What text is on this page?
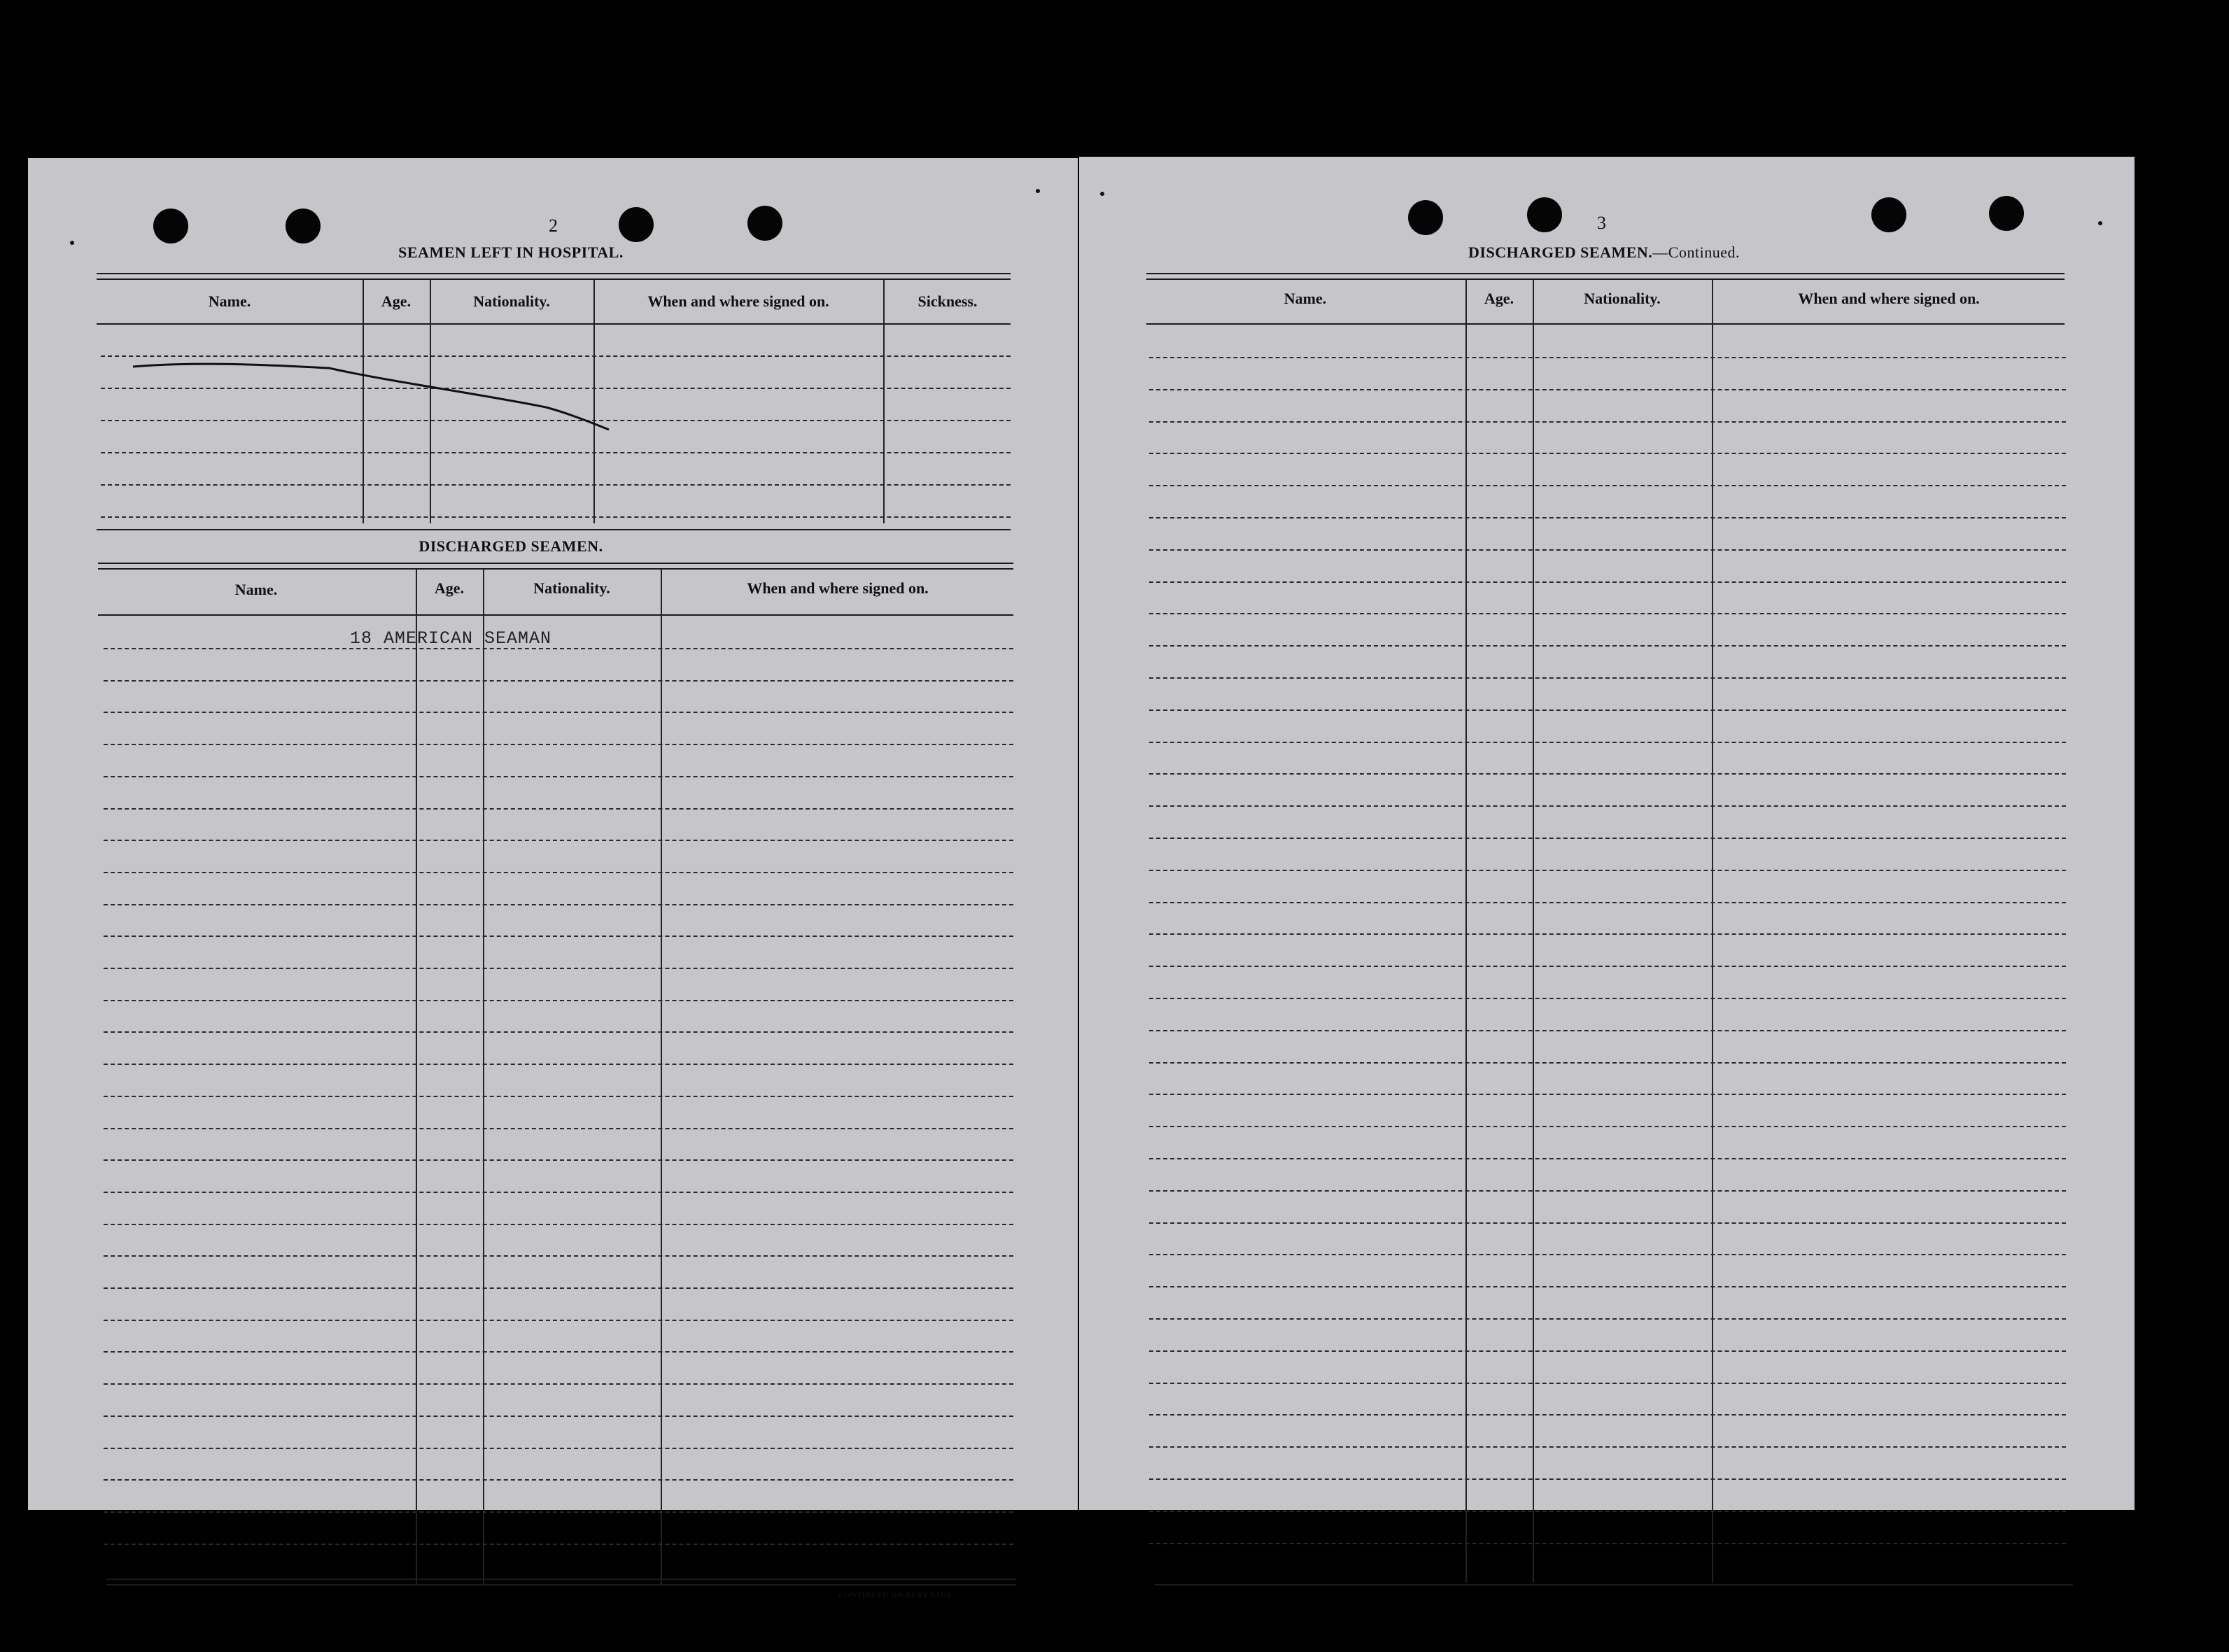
2
SEAMEN LEFT IN HOSPITAL.
Name.	Age.	Nationality.	When and where signed on.	Sickness.
DISCHARGED SEAMEN.
Name.	Age.	Nationality.	When and where signed on.
18 AMERICAN SEAMAN
CONTINUED ON NEXT PAGE.
3
DISCHARGED SEAMEN.—Continued.
Name.	Age.	Nationality.	When and where signed on.
